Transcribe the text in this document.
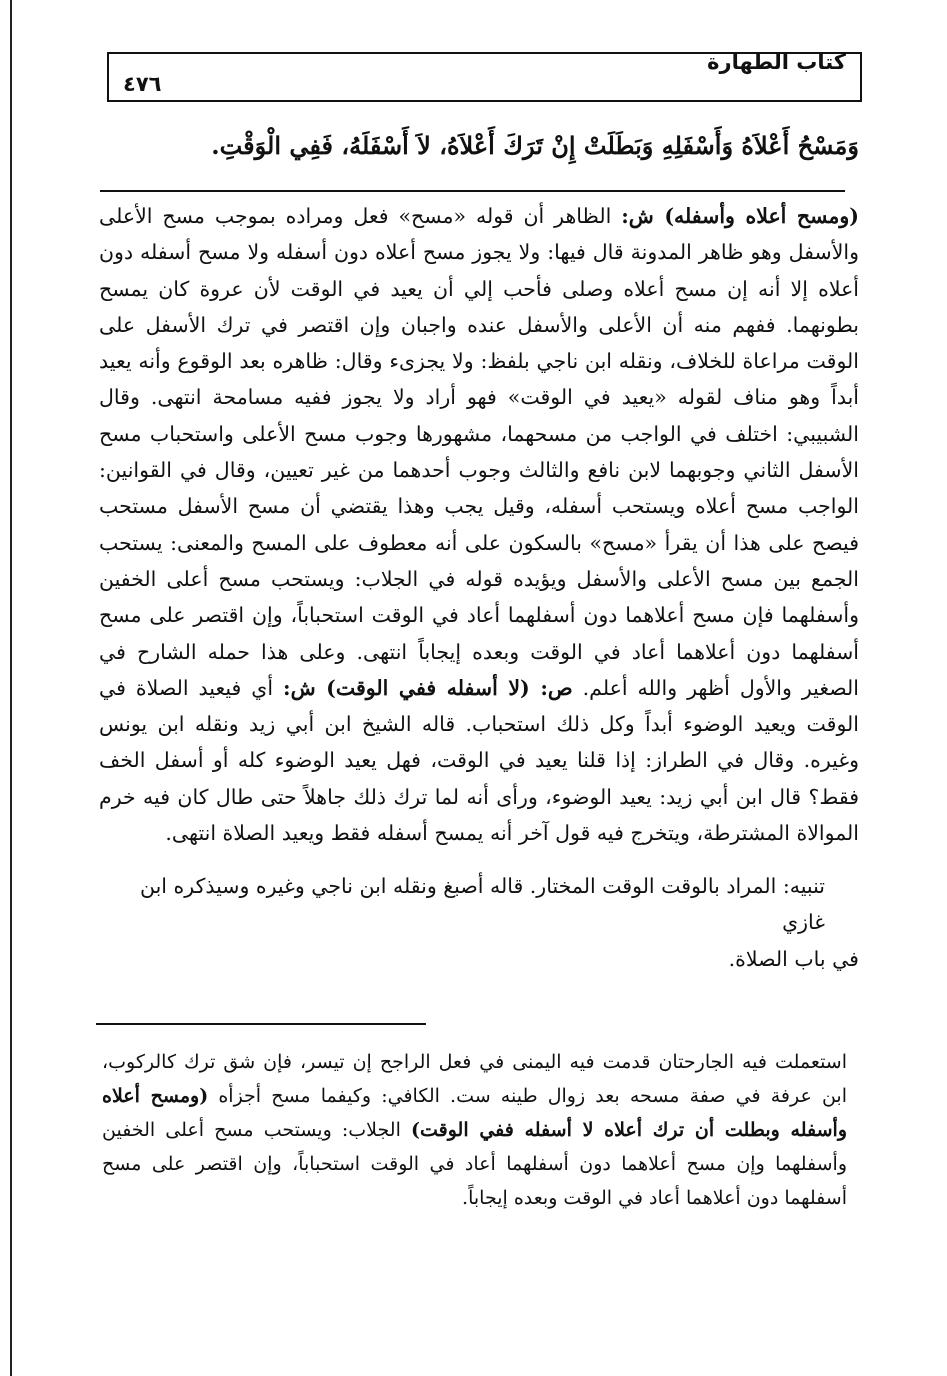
كتاب الطهارة
٤٧٦
وَمَسْحُ أَعْلاَهُ وَأَسْفَلِهِ وَبَطَلَتْ إِنْ تَرَكَ أَعْلاَهُ، لاَ أَسْفَلَهُ، فَفِي الْوَقْتِ.
(ومسح أعلاه وأسفله) ش: الظاهر أن قوله «مسح» فعل ومراده بموجب مسح الأعلى والأسفل وهو ظاهر المدونة قال فيها: ولا يجوز مسح أعلاه دون أسفله ولا مسح أسفله دون أعلاه إلا أنه إن مسح أعلاه وصلى فأحب إلي أن يعيد في الوقت لأن عروة كان يمسح بطونهما. ففهم منه أن الأعلى والأسفل عنده واجبان وإن اقتصر في ترك الأسفل على الوقت مراعاة للخلاف، ونقله ابن ناجي بلفظ: ولا يجزىء وقال: ظاهره بعد الوقوع وأنه يعيد أبداً وهو مناف لقوله «يعيد في الوقت» فهو أراد ولا يجوز ففيه مسامحة انتهى. وقال الشبيبي: اختلف في الواجب من مسحهما، مشهورها وجوب مسح الأعلى واستحباب مسح الأسفل الثاني وجوبهما لابن نافع والثالث وجوب أحدهما من غير تعيين، وقال في القوانين: الواجب مسح أعلاه ويستحب أسفله، وقيل يجب وهذا يقتضي أن مسح الأسفل مستحب فيصح على هذا أن يقرأ «مسح» بالسكون على أنه معطوف على المسح والمعنى: يستحب الجمع بين مسح الأعلى والأسفل ويؤيده قوله في الجلاب: ويستحب مسح أعلى الخفين وأسفلهما فإن مسح أعلاهما دون أسفلهما أعاد في الوقت استحباباً، وإن اقتصر على مسح أسفلهما دون أعلاهما أعاد في الوقت وبعده إيجاباً انتهى. وعلى هذا حمله الشارح في الصغير والأول أظهر والله أعلم. ص: (لا أسفله ففي الوقت) ش: أي فيعيد الصلاة في الوقت ويعيد الوضوء أبداً وكل ذلك استحباب. قاله الشيخ ابن أبي زيد ونقله ابن يونس وغيره. وقال في الطراز: إذا قلنا يعيد في الوقت، فهل يعيد الوضوء كله أو أسفل الخف فقط؟ قال ابن أبي زيد: يعيد الوضوء، ورأى أنه لما ترك ذلك جاهلاً حتى طال كان فيه خرم الموالاة المشترطة، ويتخرج فيه قول آخر أنه يمسح أسفله فقط ويعيد الصلاة انتهى.
تنبيه: المراد بالوقت الوقت المختار. قاله أصبغ ونقله ابن ناجي وغيره وسيذكره ابن غازي
في باب الصلاة.
استعملت فيه الجارحتان قدمت فيه اليمنى في فعل الراجح إن تيسر، فإن شق ترك كالركوب، ابن عرفة في صفة مسحه بعد زوال طينه ست. الكافي: وكيفما مسح أجزأه (ومسح أعلاه وأسفله وبطلت أن ترك أعلاه لا أسفله ففي الوقت) الجلاب: ويستحب مسح أعلى الخفين وأسفلهما وإن مسح أعلاهما دون أسفلهما أعاد في الوقت استحباباً، وإن اقتصر على مسح أسفلهما دون أعلاهما أعاد في الوقت وبعده إيجاباً.
